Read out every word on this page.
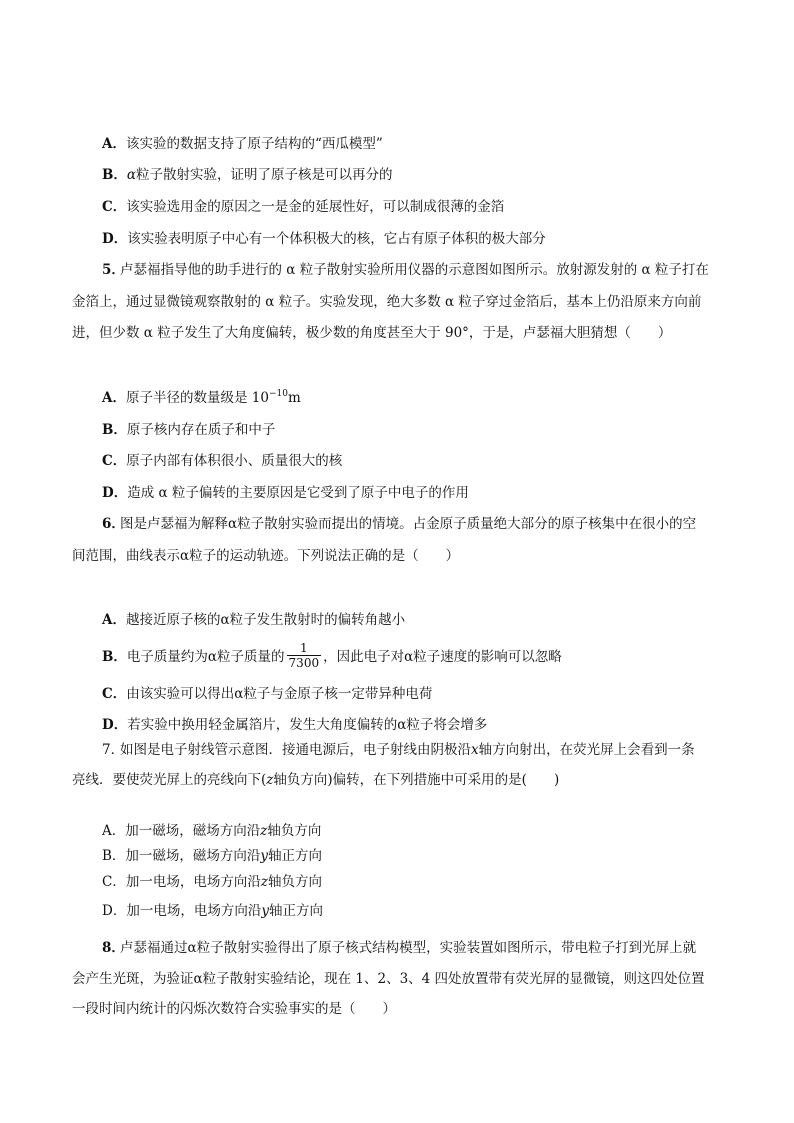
A．该实验的数据支持了原子结构的“西瓜模型”
B．α粒子散射实验，证明了原子核是可以再分的
C．该实验选用金的原因之一是金的延展性好，可以制成很薄的金箔
D．该实验表明原子中心有一个体积极大的核，它占有原子体积的极大部分
5．
卢瑟福指导他的助手进行的 α 粒子散射实验所用仪器的示意图如图所示。放射源发射的 α 粒子打在
金箔上，通过显微镜观察散射的 α 粒子。实验发现，绝大多数 α 粒子穿过金箔后，基本上仍沿原来方向前
进，但少数 α 粒子发生了大角度偏转，极少数的角度甚至大于 90°，于是，卢瑟福大胆猜想（　　）
A．原子半径的数量级是 $10^{-10}m$
B．原子核内存在质子和中子
C．原子内部有体积很小、质量很大的核
D．造成 α 粒子偏转的主要原因是它受到了原子中电子的作用
6．
图是卢瑟福为解释α粒子散射实验而提出的情境。占金原子质量绝大部分的原子核集中在很小的空
间范围，曲线表示α粒子的运动轨迹。下列说法正确的是（　　）
A．越接近原子核的α粒子发生散射时的偏转角越小
B．电子质量约为α粒子质量的 $\frac{1}{7300}$ ，因此电子对α粒子速度的影响可以忽略
C．由该实验可以得出α粒子与金原子核一定带异种电荷
D．若实验中换用轻金属箔片，发生大角度偏转的α粒子将会增多
7．
如图是电子射线管示意图．接通电源后，电子射线由阴极沿x轴方向射出，在荧光屏上会看到一条
亮线．要使荧光屏上的亮线向下(z轴负方向)偏转，在下列措施中可采用的是(　　)
A．加一磁场，磁场方向沿z轴负方向
B．加一磁场，磁场方向沿y轴正方向
C．加一电场，电场方向沿z轴负方向
D．加一电场，电场方向沿y轴正方向
8．
卢瑟福通过α粒子散射实验得出了原子核式结构模型，实验装置如图所示，带电粒子打到光屏上就
会产生光斑，为验证α粒子散射实验结论，现在 1、2、3、4 四处放置带有荧光屏的显微镜，则这四处位置
一段时间内统计的闪烁次数符合实验事实的是（　　）
